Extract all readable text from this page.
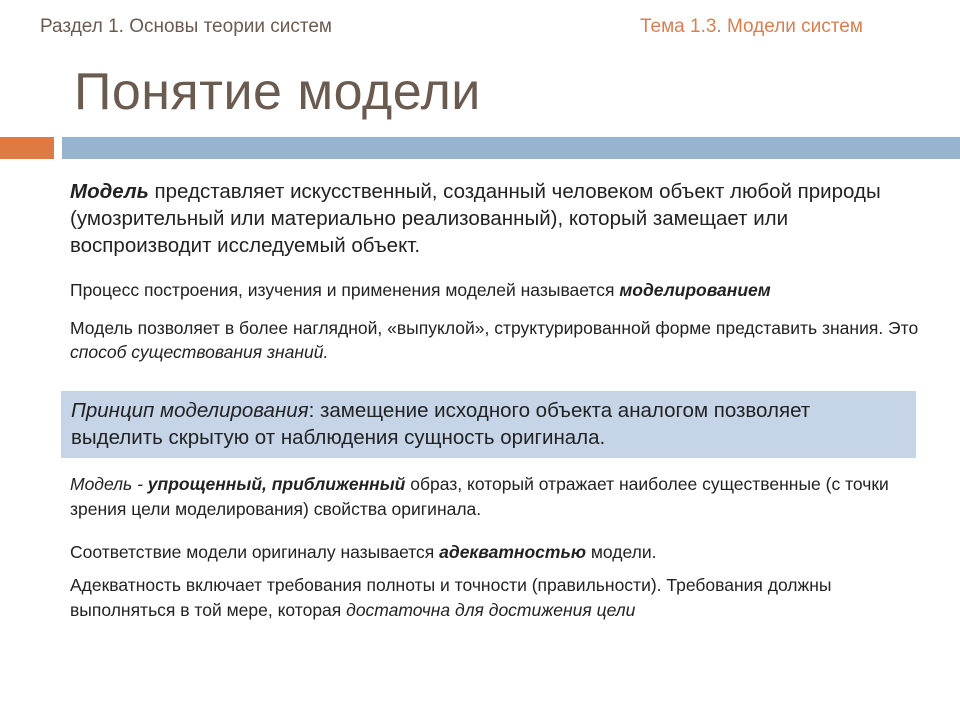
Раздел 1. Основы теории систем	Тема 1.3. Модели систем
Понятие модели
Модель представляет искусственный, созданный человеком объект любой природы (умозрительный или материально реализованный), который замещает или воспроизводит исследуемый объект.
Процесс построения, изучения и применения моделей называется моделированием
Модель позволяет в более наглядной, «выпуклой», структурированной форме представить знания. Это способ существования знаний.
Принцип моделирования: замещение исходного объекта аналогом позволяет выделить скрытую от наблюдения сущность оригинала.
Модель - упрощенный, приближенный образ, который отражает наиболее существенные (с точки зрения цели моделирования) свойства оригинала.
Соответствие модели оригиналу называется адекватностью модели.
Адекватность включает требования полноты и точности (правильности). Требования должны выполняться в той мере, которая достаточна для достижения цели
